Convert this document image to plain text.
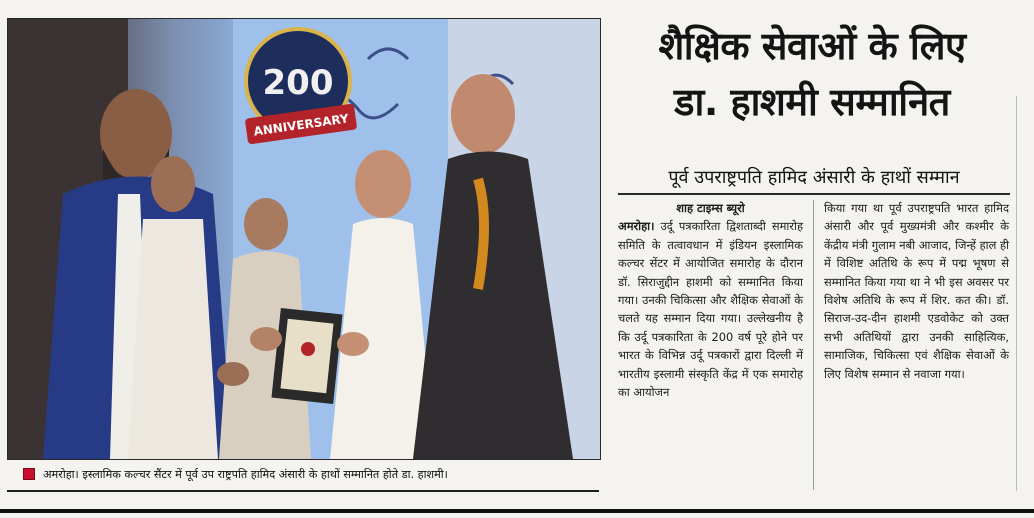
200
ANNIVERSARY
अमरोहा। इस्लामिक कल्चर सैंटर में पूर्व उप राष्ट्रपति हामिद अंसारी के हाथों सम्मानित होते डा. हाशमी।
शैक्षिक सेवाओं के लिए
डा. हाशमी सम्मानित
पूर्व उपराष्ट्रपति हामिद अंसारी के हाथों सम्मान
शाह टाइम्स ब्यूरो
अमरोहा। उर्दू पत्रकारिता द्विशताब्दी समारोह समिति के तत्वावधान में इंडियन इस्लामिक कल्चर सेंटर में आयोजित समारोह के दौरान डॉ. सिराजुद्दीन हाशमी को सम्मानित किया गया। उनकी चिकित्सा और शैक्षिक सेवाओं के चलते यह सम्मान दिया गया। उल्लेखनीय है कि उर्दू पत्रकारिता के 200 वर्ष पूरे होने पर भारत के विभिन्न उर्दू पत्रकारों द्वारा दिल्ली में भारतीय इस्लामी संस्कृति केंद्र में एक समारोह का आयोजन
किया गया था पूर्व उपराष्ट्रपति भारत हामिद अंसारी और पूर्व मुख्यमंत्री और कश्मीर के केंद्रीय मंत्री गुलाम नबी आजाद, जिन्हें हाल ही में विशिष्ट अतिथि के रूप में पद्म भूषण से सम्मानित किया गया था ने भी इस अवसर पर विशेष अतिथि के रूप में शिर. कत की। डॉ. सिराज-उद-दीन हाशमी एडवोकेट को उक्त सभी अतिथियों द्वारा उनकी साहित्यिक, सामाजिक, चिकित्सा एवं शैक्षिक सेवाओं के लिए विशेष सम्मान से नवाजा गया।
